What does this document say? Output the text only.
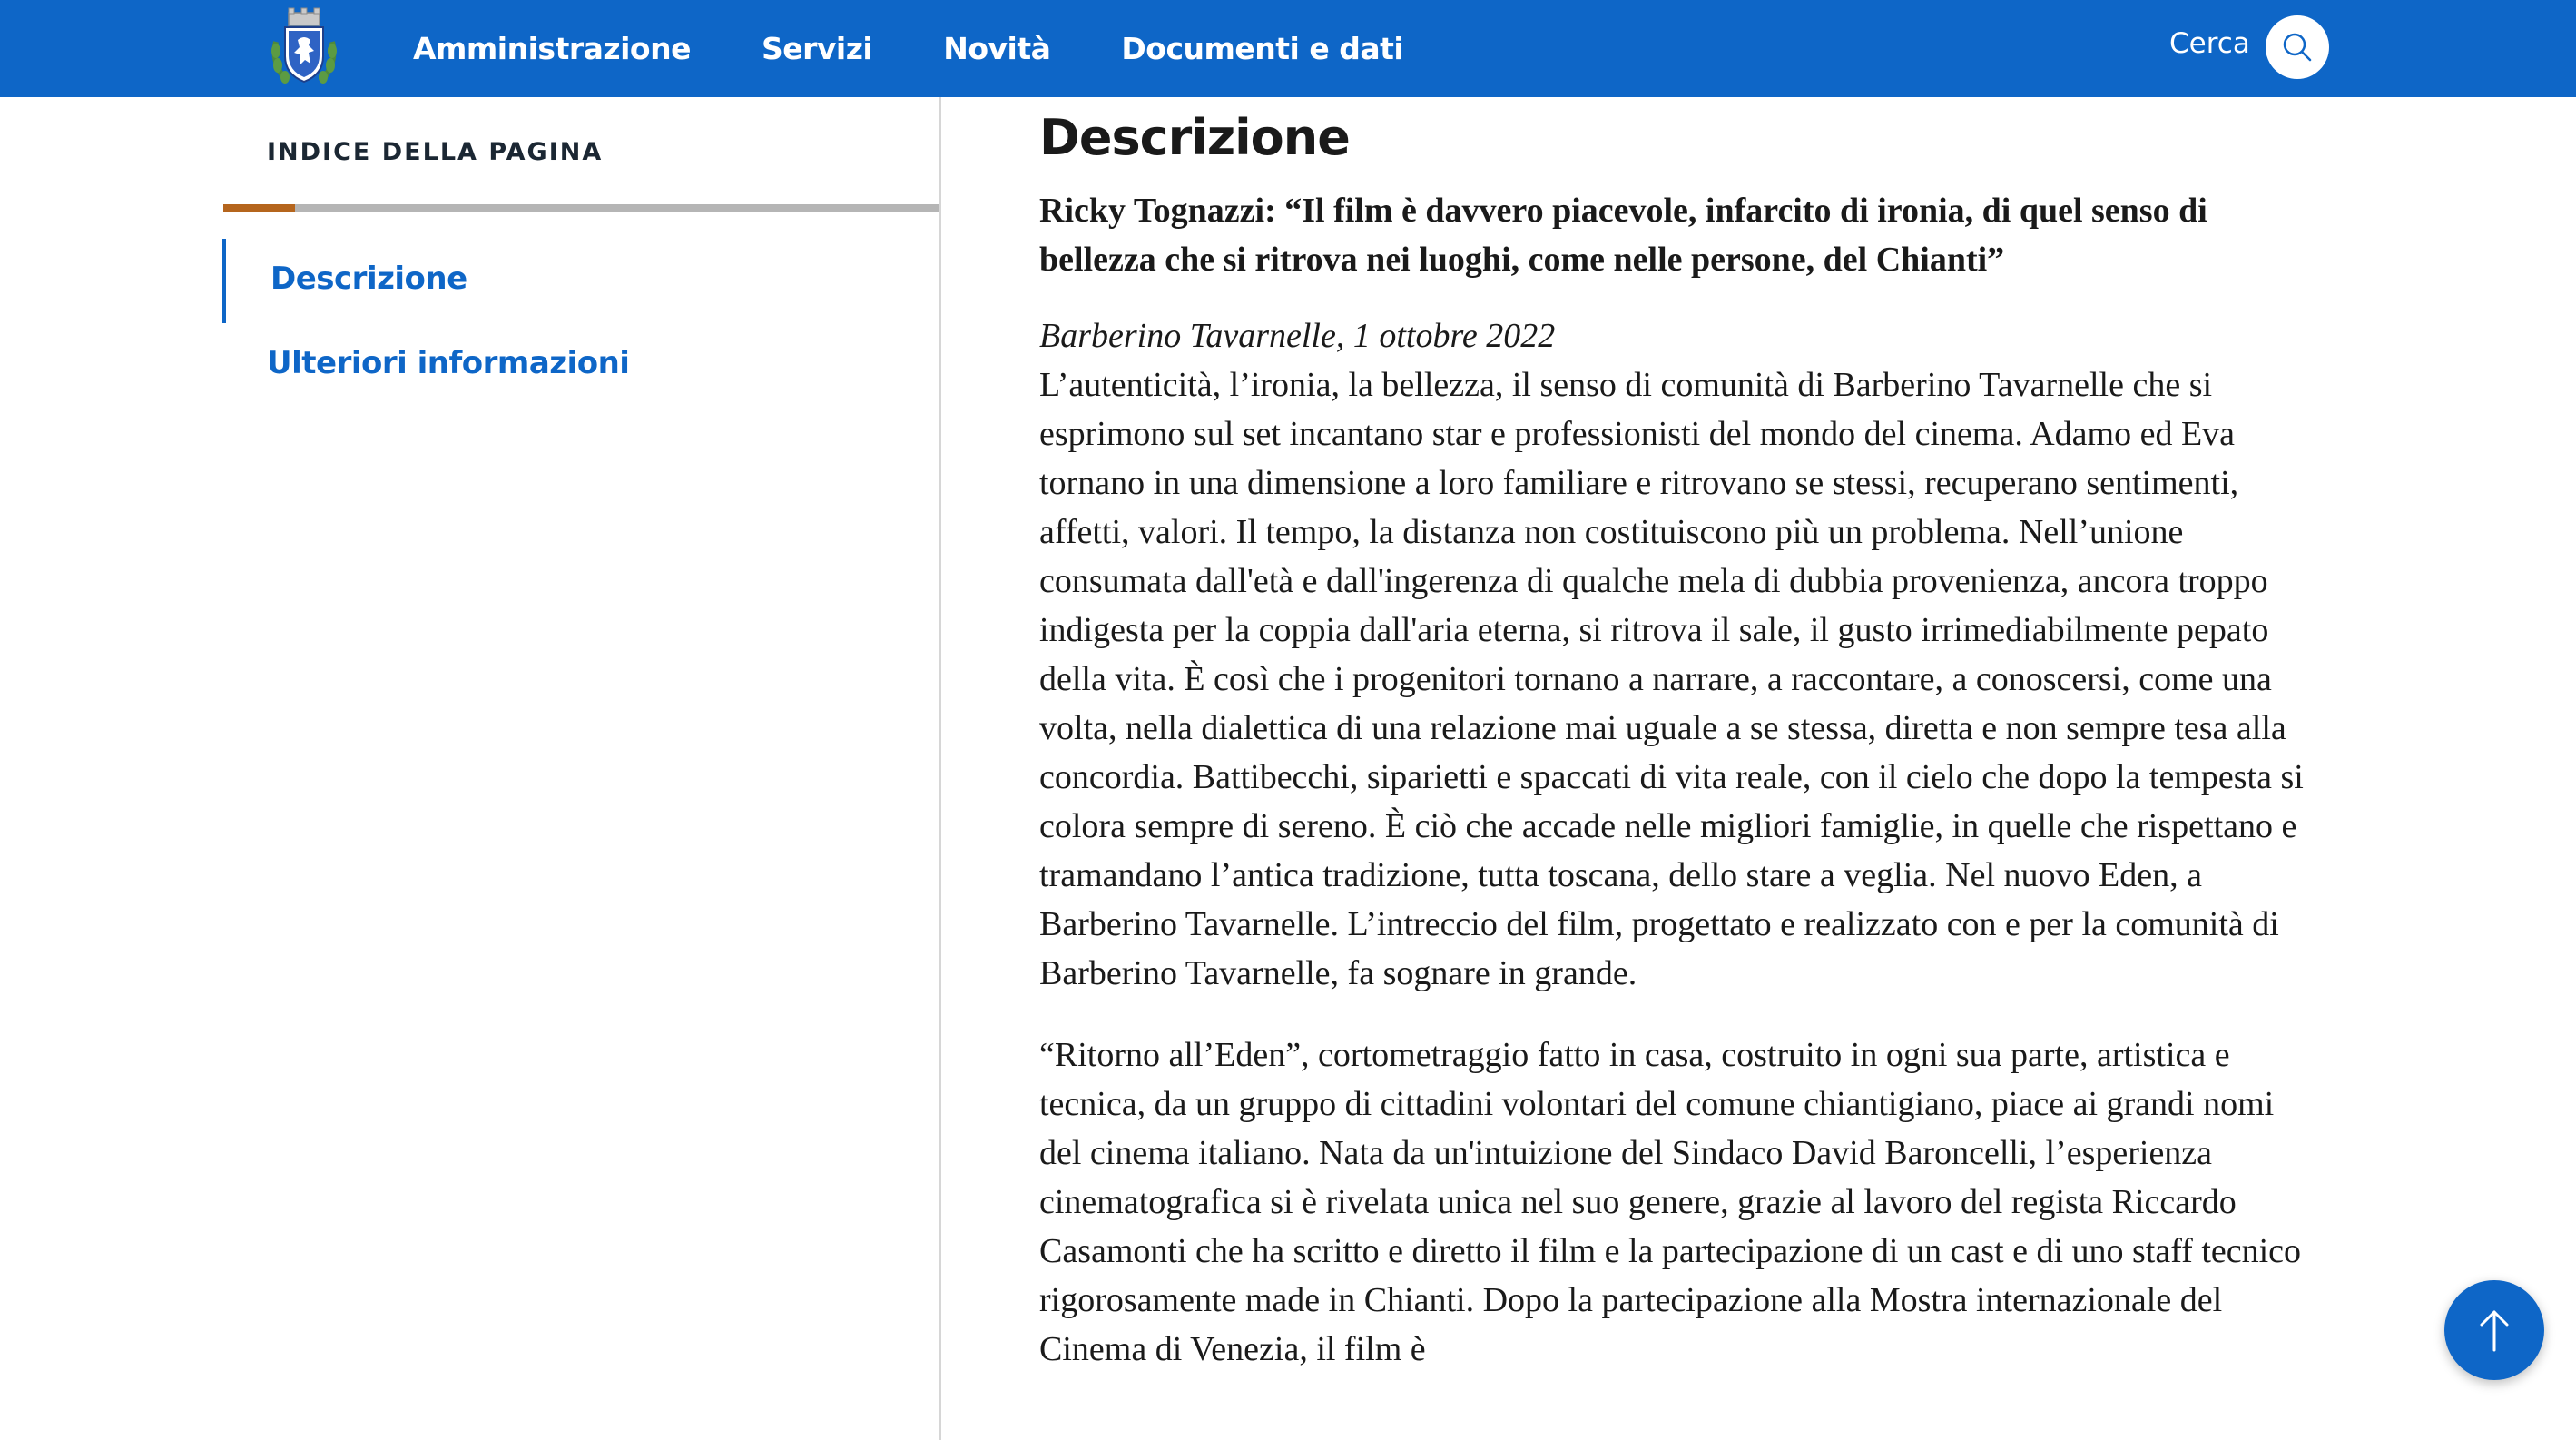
Amministrazione Servizi Novità Documenti e dati	Cerca
INDICE DELLA PAGINA
Descrizione
Ulteriori informazioni
Descrizione

Ricky Tognazzi: “Il film è davvero piacevole, infarcito di ironia, di quel senso di bellezza che si ritrova nei luoghi, come nelle persone, del Chianti”

Barberino Tavarnelle, 1 ottobre 2022

L’autenticità, l’ironia, la bellezza, il senso di comunità di Barberino Tavarnelle che si esprimono sul set incantano star e professionisti del mondo del cinema. Adamo ed Eva tornano in una dimensione a loro familiare e ritrovano se stessi, recuperano sentimenti, affetti, valori. Il tempo, la distanza non costituiscono più un problema. Nell’unione consumata dall'età e dall'ingerenza di qualche mela di dubbia provenienza, ancora troppo indigesta per la coppia dall'aria eterna, si ritrova il sale, il gusto irrimediabilmente pepato della vita. È così che i progenitori tornano a narrare, a raccontare, a conoscersi, come una volta, nella dialettica di una relazione mai uguale a se stessa, diretta e non sempre tesa alla concordia. Battibecchi, siparietti e spaccati di vita reale, con il cielo che dopo la tempesta si colora sempre di sereno. È ciò che accade nelle migliori famiglie, in quelle che rispettano e tramandano l’antica tradizione, tutta toscana, dello stare a veglia. Nel nuovo Eden, a Barberino Tavarnelle. L’intreccio del film, progettato e realizzato con e per la comunità di Barberino Tavarnelle, fa sognare in grande.

“Ritorno all’Eden”, cortometraggio fatto in casa, costruito in ogni sua parte, artistica e tecnica, da un gruppo di cittadini volontari del comune chiantigiano, piace ai grandi nomi del cinema italiano. Nata da un'intuizione del Sindaco David Baroncelli, l’esperienza cinematografica si è rivelata unica nel suo genere, grazie al lavoro del regista Riccardo Casamonti che ha scritto e diretto il film e la partecipazione di un cast e di uno staff tecnico rigorosamente made in Chianti. Dopo la partecipazione alla Mostra internazionale del Cinema di Venezia, il film è
